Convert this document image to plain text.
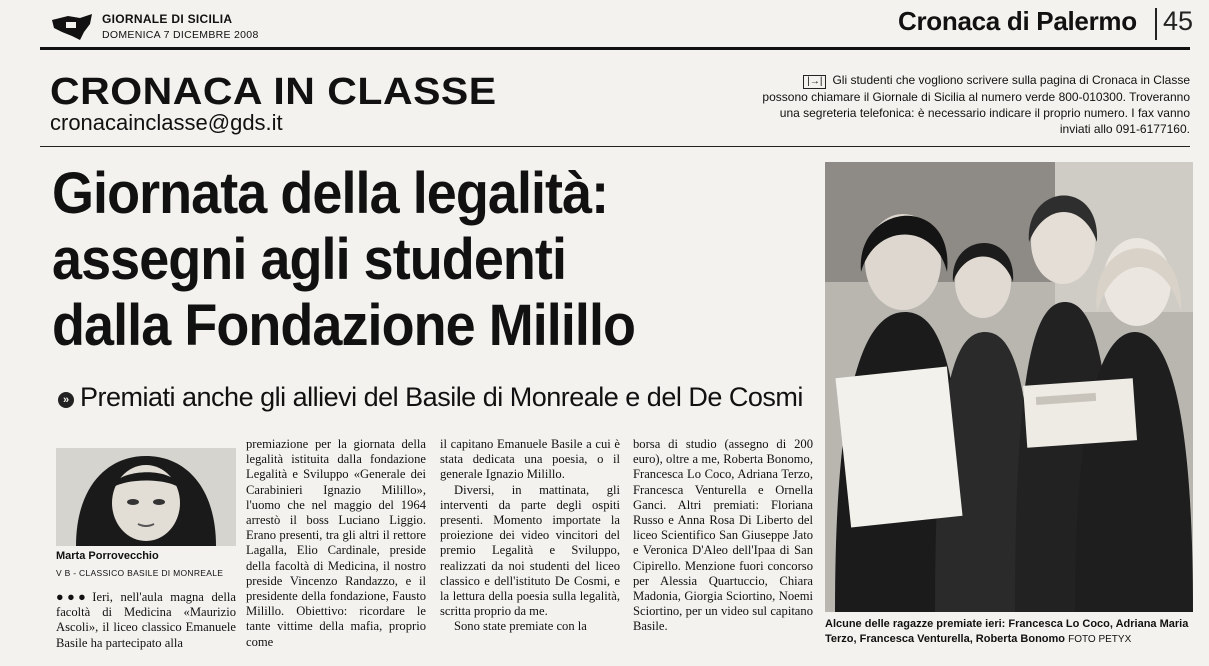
GIORNALE DI SICILIA
DOMENICA 7 DICEMBRE 2008	Cronaca di Palermo 45
CRONACA IN CLASSE
cronacainclasse@gds.it
|→| Gli studenti che vogliono scrivere sulla pagina di Cronaca in Classe possono chiamare il Giornale di Sicilia al numero verde 800-010300. Troveranno una segreteria telefonica: è necessario indicare il proprio numero. I fax vanno inviati allo 091-6177160.
Giornata della legalità:
assegni agli studenti
dalla Fondazione Milillo
» Premiati anche gli allievi del Basile di Monreale e del De Cosmi
Marta Porrovecchio
V B - CLASSICO BASILE DI MONREALE
●●● Ieri, nell'aula magna della facoltà di Medicina «Maurizio Ascoli», il liceo classico Emanuele Basile ha partecipato alla
premiazione per la giornata della legalità istituita dalla fondazione Legalità e Sviluppo «Generale dei Carabinieri Ignazio Milillo», l'uomo che nel maggio del 1964 arrestò il boss Luciano Liggio. Erano presenti, tra gli altri il rettore Lagalla, Elio Cardinale, preside della facoltà di Medicina, il nostro preside Vincenzo Randazzo, e il presidente della fondazione, Fausto Milillo. Obiettivo: ricordare le tante vittime della mafia, proprio come
il capitano Emanuele Basile a cui è stata dedicata una poesia, o il generale Ignazio Milillo.
Diversi, in mattinata, gli interventi da parte degli ospiti presenti. Momento importate la proiezione dei video vincitori del premio Legalità e Sviluppo, realizzati da noi studenti del liceo classico e dell'istituto De Cosmi, e la lettura della poesia sulla legalità, scritta proprio da me.
Sono state premiate con la
borsa di studio (assegno di 200 euro), oltre a me, Roberta Bonomo, Francesca Lo Coco, Adriana Terzo, Francesca Venturella e Ornella Ganci. Altri premiati: Floriana Russo e Anna Rosa Di Liberto del liceo Scientifico San Giuseppe Jato e Veronica D'Aleo dell'Ipaa di San Cipirello. Menzione fuori concorso per Alessia Quartuccio, Chiara Madonia, Giorgia Sciortino, Noemi Sciortino, per un video sul capitano Basile.	Alcune delle ragazze premiate ieri: Francesca Lo Coco, Adriana Maria Terzo, Francesca Venturella, Roberta Bonomo FOTO PETYX
